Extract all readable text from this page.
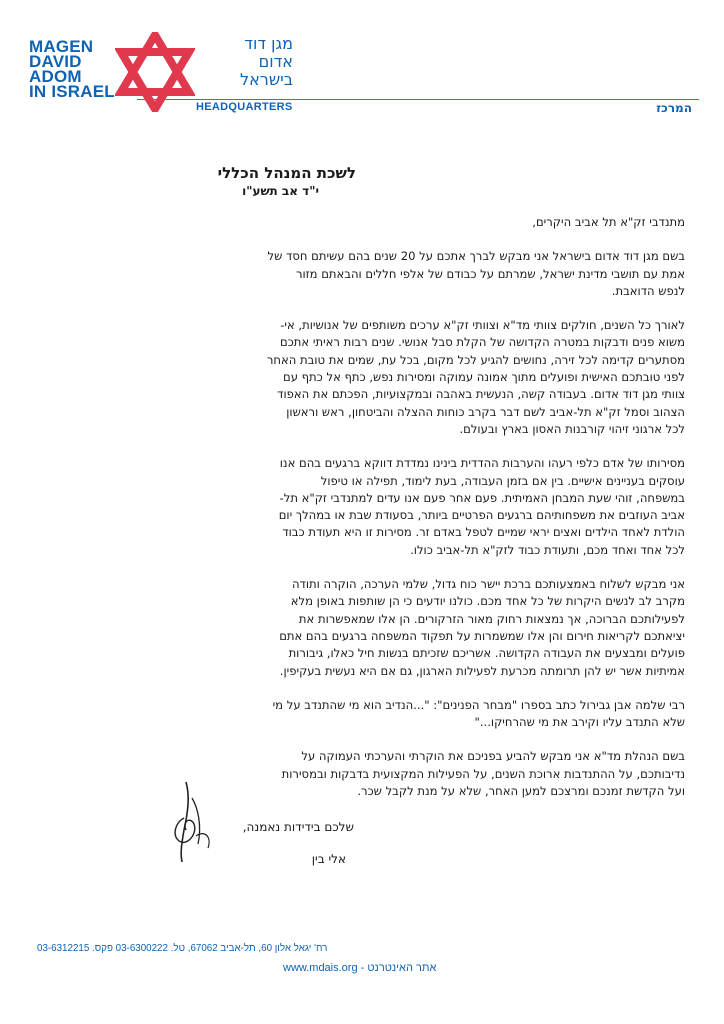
MAGEN
DAVID
ADOM
IN ISRAEL
מגן דוד
אדום
בישראל
HEADQUARTERS	המרכז
לשכת המנהל הכללי
י"ד אב תשע"ו

מתנדבי זק"א תל אביב היקרים,

בשם מגן דוד אדום בישראל אני מבקש לברך אתכם על 20 שנים בהם עשיתם חסד של
אמת עם תושבי מדינת ישראל, שמרתם על כבודם של אלפי חללים והבאתם מזור
לנפש הדואבת.

לאורך כל השנים, חולקים צוותי מד"א וצוותי זק"א ערכים משותפים של אנושיות, אי-
משוא פנים ודבקות במטרה הקדושה של הקלת סבל אנושי. שנים רבות ראיתי אתכם
מסתערים קדימה לכל זירה, נחושים להגיע לכל מקום, בכל עת, שמים את טובת האחר
לפני טובתכם האישית ופועלים מתוך אמונה עמוקה ומסירות נפש, כתף אל כתף עם
צוותי מגן דוד אדום. בעבודה קשה, הנעשית באהבה ובמקצועיות, הפכתם את האפוד
הצהוב וסמל זק"א תל-אביב לשם דבר בקרב כוחות ההצלה והביטחון, ראש וראשון
לכל ארגוני זיהוי קורבנות האסון בארץ ובעולם.

מסירותו של אדם כלפי רעהו והערבות ההדדית בינינו נמדדת דווקא ברגעים בהם אנו
עוסקים בעניינים אישיים. בין אם בזמן העבודה, בעת לימוד, תפילה או טיפול
במשפחה, זוהי שעת המבחן האמיתית. פעם אחר פעם אנו עדים למתנדבי זק"א תל-
אביב העוזבים את משפחותיהם ברגעים הפרטיים ביותר, בסעודת שבת או במהלך יום
הולדת לאחד הילדים ואצים יראי שמיים לטפל באדם זר. מסירות זו היא תעודת כבוד
לכל אחד ואחד מכם, ותעודת כבוד לזק"א תל-אביב כולו.

אני מבקש לשלוח באמצעותכם ברכת יישר כוח גדול, שלמי הערכה, הוקרה ותודה
מקרב לב לנשים היקרות של כל אחד מכם. כולנו יודעים כי הן שותפות באופן מלא
לפעילותכם הברוכה, אך נמצאות רחוק מאור הזרקורים. הן אלו שמאפשרות את
יציאתכם לקריאות חירום והן אלו שמשמרות על תפקוד המשפחה ברגעים בהם אתם
פועלים ומבצעים את העבודה הקדושה. אשריכם שזכיתם בנשות חיל כאלו, גיבורות
אמיתיות אשר יש להן תרומתה מכרעת לפעילות הארגון, גם אם היא נעשית בעקיפין.

רבי שלמה אבן גבירול כתב בספרו "מבחר הפנינים": "...הנדיב הוא מי שהתנדב על מי
שלא התנדב עליו וקירב את מי שהרחיקו..."

בשם הנהלת מד"א אני מבקש להביע בפניכם את הוקרתי והערכתי העמוקה על
נדיבותכם, על ההתנדבות ארוכת השנים, על הפעילות המקצועית בדבקות ובמסירות
ועל הקדשת זמנכם ומרצכם למען האחר, שלא על מנת לקבל שכר.

שלכם בידידות נאמנה,
אלי בין
רח' יגאל אלון 60, תל-אביב 67062, טל. 03-6300222 פקס. 03-6312215
www.mdais.org - אתר האינטרנט
